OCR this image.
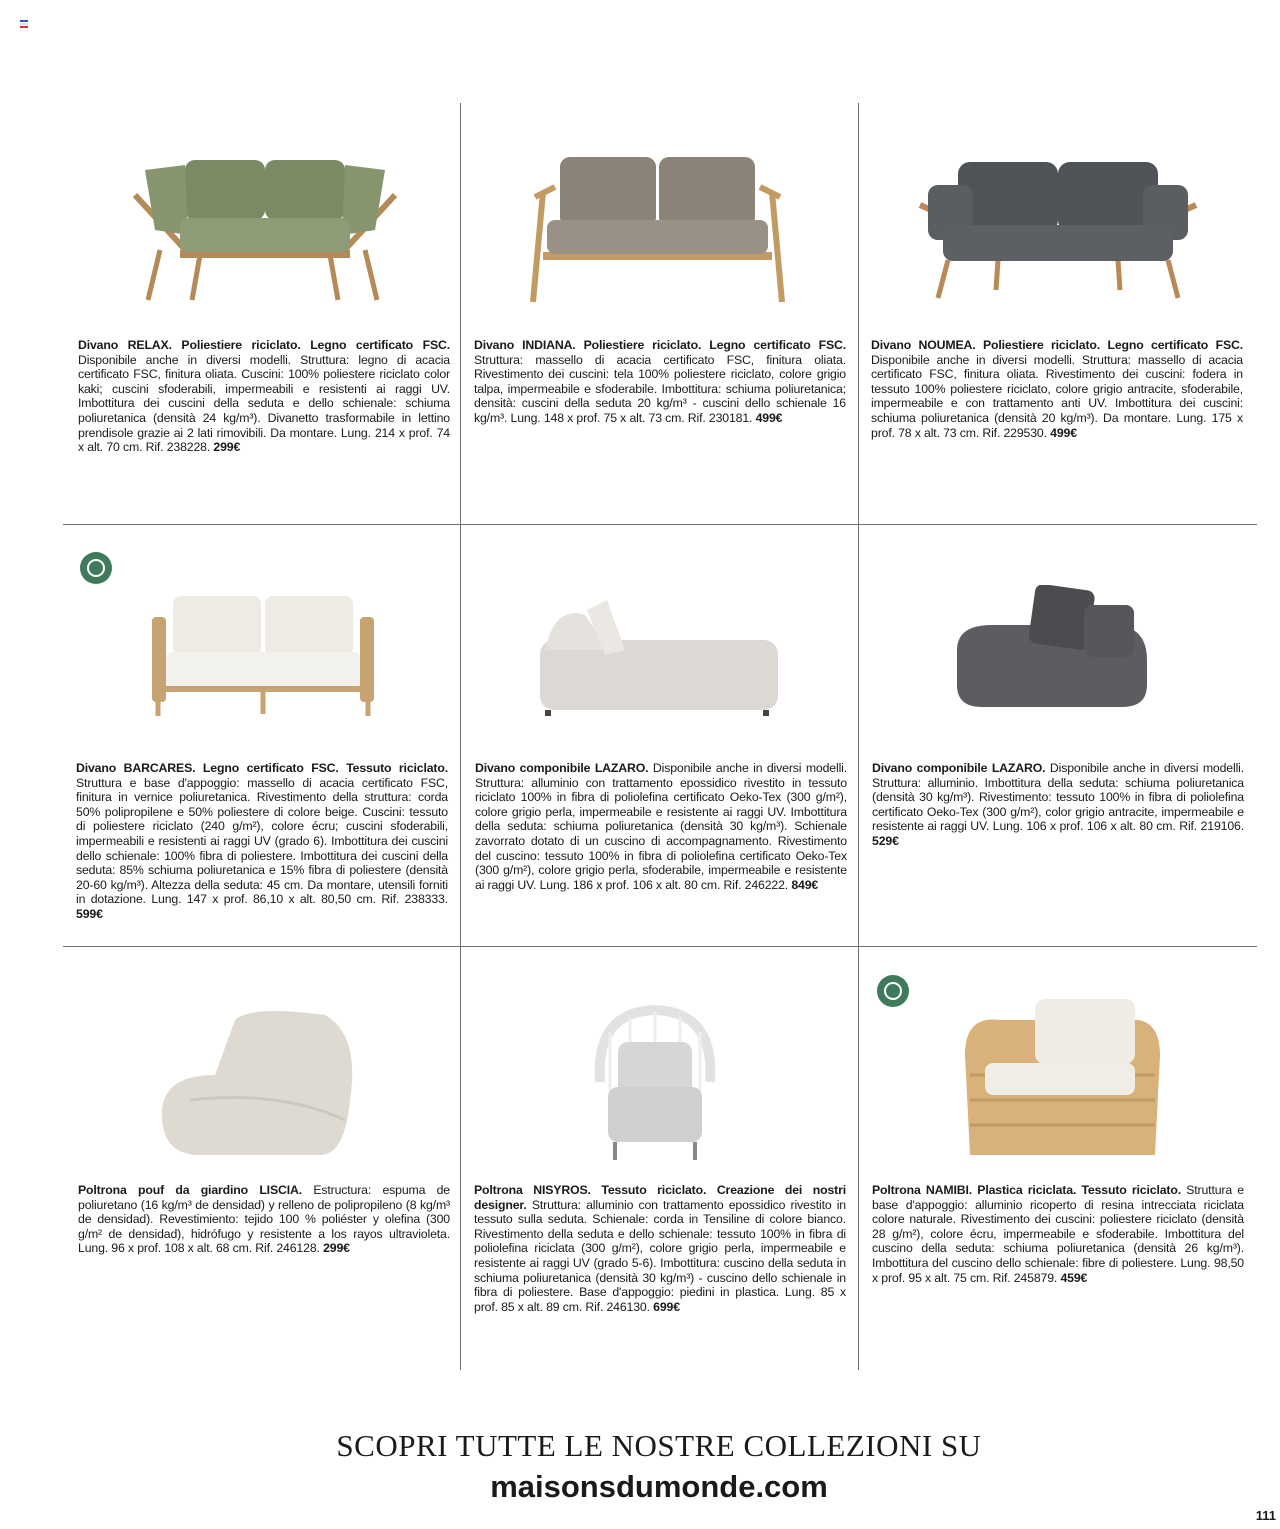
Divano RELAX. Poliestiere riciclato. Legno certificato FSC. Disponibile anche in diversi modelli. Struttura: legno di acacia certificato FSC, finitura oliata. Cuscini: 100% poliestere riciclato color kaki; cuscini sfoderabili, impermeabili e resistenti ai raggi UV. Imbottitura dei cuscini della seduta e dello schienale: schiuma poliuretanica (densità 24 kg/m³). Divanetto trasformabile in lettino prendisole grazie ai 2 lati rimovibili. Da montare. Lung. 214 x prof. 74 x alt. 70 cm. Rif. 238228. 299€
Divano INDIANA. Poliestiere riciclato. Legno certificato FSC. Struttura: massello di acacia certificato FSC, finitura oliata. Rivestimento dei cuscini: tela 100% poliestere riciclato, colore grigio talpa, impermeabile e sfoderabile. Imbottitura: schiuma poliuretanica; densità: cuscini della seduta 20 kg/m³ - cuscini dello schienale 16 kg/m³. Lung. 148 x prof. 75 x alt. 73 cm. Rif. 230181. 499€
Divano NOUMEA. Poliestiere riciclato. Legno certificato FSC. Disponibile anche in diversi modelli. Struttura: massello di acacia certificato FSC, finitura oliata. Rivestimento dei cuscini: fodera in tessuto 100% poliestere riciclato, colore grigio antracite, sfoderabile, impermeabile e con trattamento anti UV. Imbottitura dei cuscini: schiuma poliuretanica (densità 20 kg/m³). Da montare. Lung. 175 x prof. 78 x alt. 73 cm. Rif. 229530. 499€
Divano BARCARES. Legno certificato FSC. Tessuto riciclato. Struttura e base d'appoggio: massello di acacia certificato FSC, finitura in vernice poliuretanica. Rivestimento della struttura: corda 50% polipropilene e 50% poliestere di colore beige. Cuscini: tessuto di poliestere riciclato (240 g/m²), colore écru; cuscini sfoderabili, impermeabili e resistenti ai raggi UV (grado 6). Imbottitura dei cuscini dello schienale: 100% fibra di poliestere. Imbottitura dei cuscini della seduta: 85% schiuma poliuretanica e 15% fibra di poliestere (densità 20-60 kg/m³). Altezza della seduta: 45 cm. Da montare, utensili forniti in dotazione. Lung. 147 x prof. 86,10 x alt. 80,50 cm. Rif. 238333. 599€
Divano componibile LAZARO. Disponibile anche in diversi modelli. Struttura: alluminio con trattamento epossidico rivestito in tessuto riciclato 100% in fibra di poliolefina certificato Oeko-Tex (300 g/m²), colore grigio perla, impermeabile e resistente ai raggi UV. Imbottitura della seduta: schiuma poliuretanica (densità 30 kg/m³). Schienale zavorrato dotato di un cuscino di accompagnamento. Rivestimento del cuscino: tessuto 100% in fibra di poliolefina certificato Oeko-Tex (300 g/m²), colore grigio perla, sfoderabile, impermeabile e resistente ai raggi UV. Lung. 186 x prof. 106 x alt. 80 cm. Rif. 246222. 849€
Divano componibile LAZARO. Disponibile anche in diversi modelli. Struttura: alluminio. Imbottitura della seduta: schiuma poliuretanica (densità 30 kg/m³). Rivestimento: tessuto 100% in fibra di poliolefina certificato Oeko-Tex (300 g/m²), color grigio antracite, impermeabile e resistente ai raggi UV. Lung. 106 x prof. 106 x alt. 80 cm. Rif. 219106. 529€
Poltrona pouf da giardino LISCIA. Estructura: espuma de poliuretano (16 kg/m³ de densidad) y relleno de polipropileno (8 kg/m³ de densidad). Revestimiento: tejido 100 % poliéster y olefina (300 g/m² de densidad), hidrófugo y resistente a los rayos ultravioleta. Lung. 96 x prof. 108 x alt. 68 cm. Rif. 246128. 299€
Poltrona NISYROS. Tessuto riciclato. Creazione dei nostri designer. Struttura: alluminio con trattamento epossidico rivestito in tessuto sulla seduta. Schienale: corda in Tensiline di colore bianco. Rivestimento della seduta e dello schienale: tessuto 100% in fibra di poliolefina riciclata (300 g/m²), colore grigio perla, impermeabile e resistente ai raggi UV (grado 5-6). Imbottitura: cuscino della seduta in schiuma poliuretanica (densità 30 kg/m³) - cuscino dello schienale in fibra di poliestere. Base d'appoggio: piedini in plastica. Lung. 85 x prof. 85 x alt. 89 cm. Rif. 246130. 699€
Poltrona NAMIBI. Plastica riciclata. Tessuto riciclato. Struttura e base d'appoggio: alluminio ricoperto di resina intrecciata riciclata colore naturale. Rivestimento dei cuscini: poliestere riciclato (densità 28 g/m²), colore écru, impermeabile e sfoderabile. Imbottitura del cuscino della seduta: schiuma poliuretanica (densità 26 kg/m³). Imbottitura del cuscino dello schienale: fibre di poliestere. Lung. 98,50 x prof. 95 x alt. 75 cm. Rif. 245879. 459€
SCOPRI TUTTE LE NOSTRE COLLEZIONI SU
maisonsdumonde.com
111
